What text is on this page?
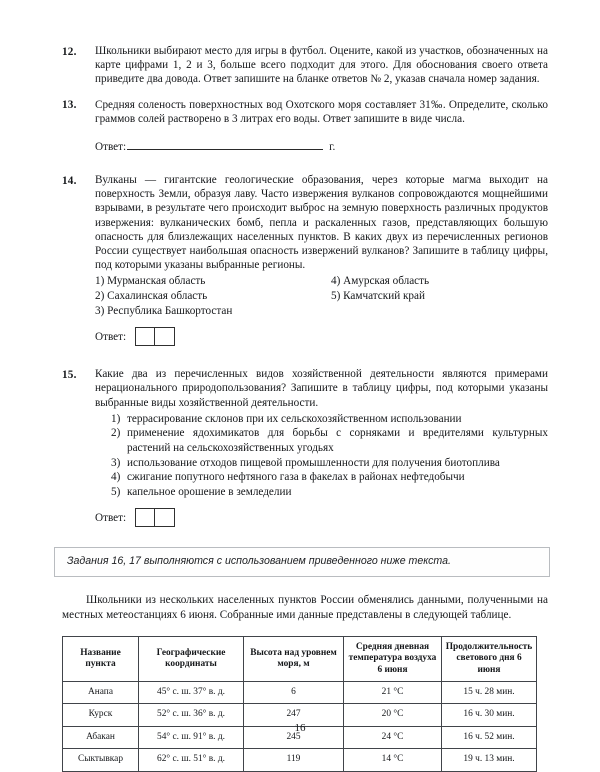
12.	Школьники выбирают место для игры в футбол. Оцените, какой из участков, обозначенных на карте цифрами 1, 2 и 3, больше всего подходит для этого. Для обоснования своего ответа приведите два довода. Ответ запишите на бланке ответов № 2, указав сначала номер задания.

13.	Средняя соленость поверхностных вод Охотского моря составляет 31‰. Определите, сколько граммов солей растворено в 3 литрах его воды. Ответ запишите в виде числа.

Ответ:	г.
14.	Вулканы — гигантские геологические образования, через которые магма выходит на поверхность Земли, образуя лаву. Часто извержения вулканов сопровождаются мощнейшими взрывами, в результате чего происходит выброс на земную поверхность различных продуктов извержения: вулканических бомб, пепла и раскаленных газов, представляющих большую опасность для близлежащих населенных пунктов. В каких двух из перечисленных регионов России существует наибольшая опасность извержений вулканов? Запишите в таблицу цифры, под которыми указаны выбранные регионы.

1) Мурманская область
2) Сахалинская область
3) Республика Башкортостан
4) Амурская область
5) Камчатский край
Ответ:
15.	Какие два из перечисленных видов хозяйственной деятельности являются примерами нерационального природопользования? Запишите в таблицу цифры, под которыми указаны выбранные виды хозяйственной деятельности.

1) террасирование склонов при их сельскохозяйственном использовании
2) применение ядохимикатов для борьбы с сорняками и вредителями культурных растений на сельскохозяйственных угодьях
3) использование отходов пищевой промышленности для получения биотоплива
4) сжигание попутного нефтяного газа в факелах в районах нефтедобычи
5) капельное орошение в земледелии
Ответ:
Задания 16, 17 выполняются с использованием приведенного ниже текста.

Школьники из нескольких населенных пунктов России обменялись данными, полученными на местных метеостанциях 6 июня. Собранные ими данные представлены в следующей таблице.

Название пункта	Географические координаты	Высота над уровнем моря, м	Средняя дневная температура воздуха 6 июня	Продолжительность светового дня 6 июня
Анапа	45° с. ш. 37° в. д.	6	21 °С	15 ч. 28 мин.
Курск	52° с. ш. 36° в. д.	247	20 °С	16 ч. 30 мин.
Абакан	54° с. ш. 91° в. д.	245	24 °С	16 ч. 52 мин.
Сыктывкар	62° с. ш. 51° в. д.	119	14 °С	19 ч. 13 мин.
16
